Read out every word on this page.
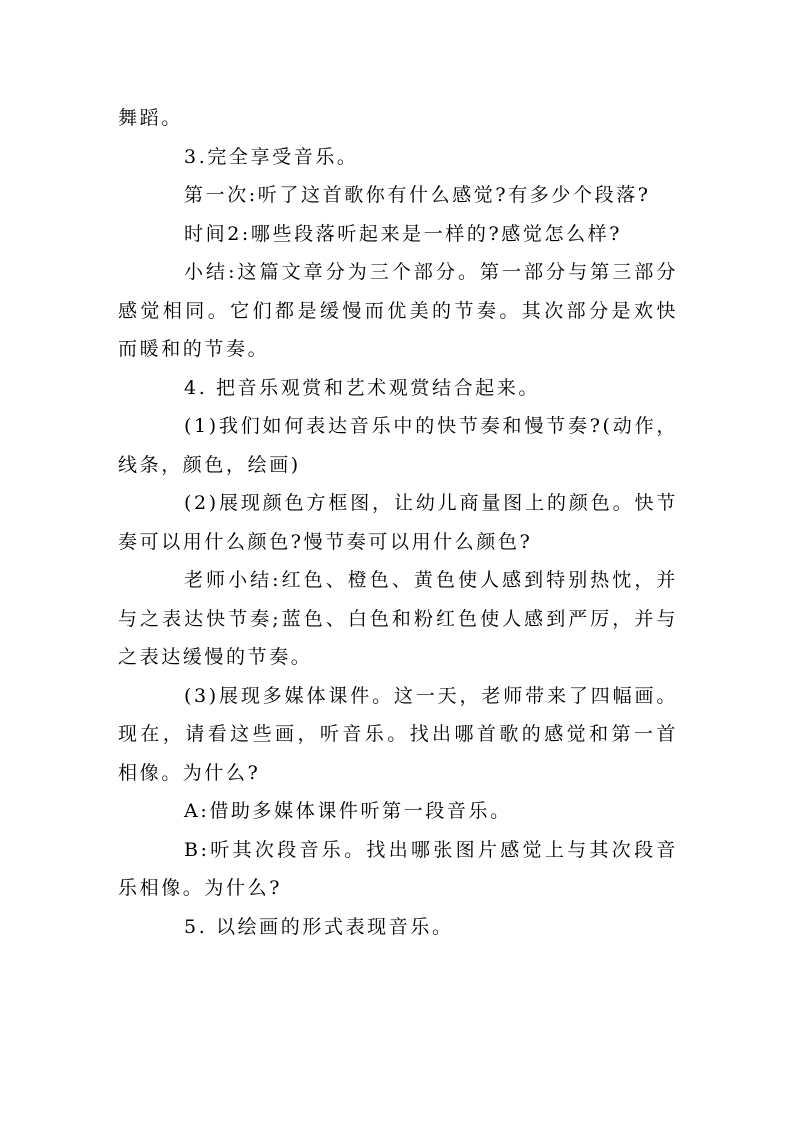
舞蹈。

3.完全享受音乐。

第一次:听了这首歌你有什么感觉?有多少个段落?

时间2:哪些段落听起来是一样的?感觉怎么样?

小结:这篇文章分为三个部分。第一部分与第三部分感觉相同。它们都是缓慢而优美的节奏。其次部分是欢快而暖和的节奏。

4. 把音乐观赏和艺术观赏结合起来。

(1)我们如何表达音乐中的快节奏和慢节奏?(动作，线条，颜色，绘画)

(2)展现颜色方框图，让幼儿商量图上的颜色。快节奏可以用什么颜色?慢节奏可以用什么颜色?

老师小结:红色、橙色、黄色使人感到特别热忱，并与之表达快节奏;蓝色、白色和粉红色使人感到严厉，并与之表达缓慢的节奏。

(3)展现多媒体课件。这一天，老师带来了四幅画。现在，请看这些画，听音乐。找出哪首歌的感觉和第一首相像。为什么?

A:借助多媒体课件听第一段音乐。

B:听其次段音乐。找出哪张图片感觉上与其次段音乐相像。为什么?

5. 以绘画的形式表现音乐。
